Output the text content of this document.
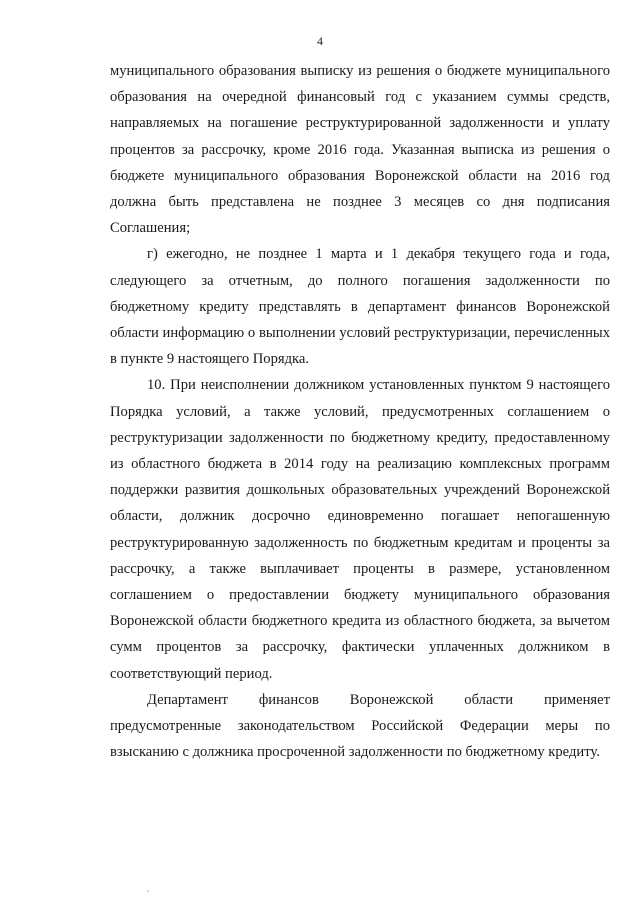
4

муниципального образования выписку из решения о бюджете муниципального образования на очередной финансовый год с указанием суммы средств, направляемых на погашение реструктурированной задолженности и уплату процентов за рассрочку, кроме 2016 года. Указанная выписка из решения о бюджете муниципального образования Воронежской области на 2016 год должна быть представлена не позднее 3 месяцев со дня подписания Соглашения;

г) ежегодно, не позднее 1 марта и 1 декабря текущего года и года, следующего за отчетным, до полного погашения задолженности по бюджетному кредиту представлять в департамент финансов Воронежской области информацию о выполнении условий реструктуризации, перечисленных в пункте 9 настоящего Порядка.

10. При неисполнении должником установленных пунктом 9 настоящего Порядка условий, а также условий, предусмотренных соглашением о реструктуризации задолженности по бюджетному кредиту, предоставленному из областного бюджета в 2014 году на реализацию комплексных программ поддержки развития дошкольных образовательных учреждений Воронежской области, должник досрочно единовременно погашает непогашенную реструктурированную задолженность по бюджетным кредитам и проценты за рассрочку, а также выплачивает проценты в размере, установленном соглашением о предоставлении бюджету муниципального образования Воронежской области бюджетного кредита из областного бюджета, за вычетом сумм процентов за рассрочку, фактически уплаченных должником в соответствующий период.

Департамент финансов Воронежской области применяет предусмотренные законодательством Российской Федерации меры по взысканию с должника просроченной задолженности по бюджетному кредиту.
